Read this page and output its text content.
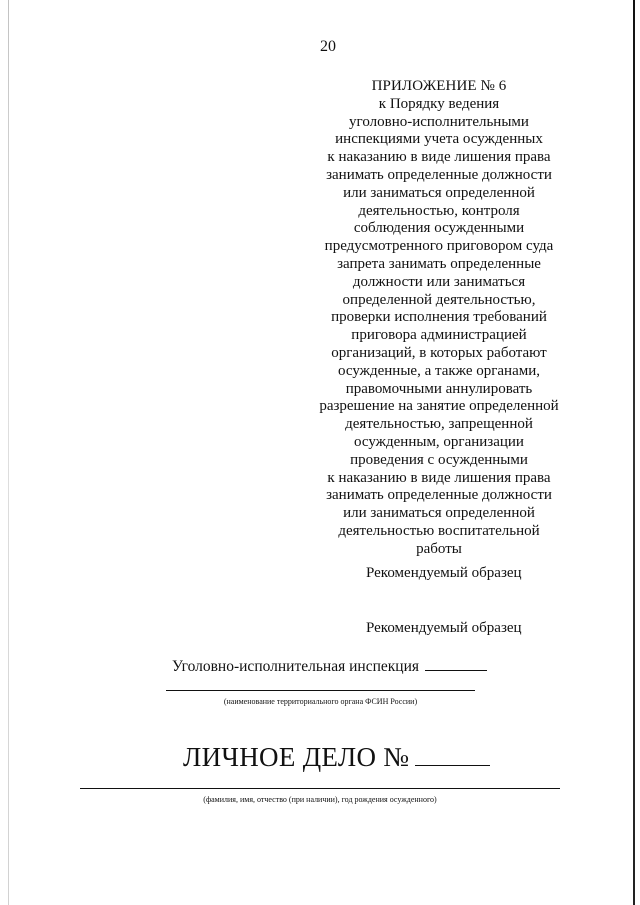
20
ПРИЛОЖЕНИЕ № 6
к Порядку ведения
уголовно-исполнительными
инспекциями учета осужденных
к наказанию в виде лишения права
занимать определенные должности
или заниматься определенной
деятельностью, контроля
соблюдения осужденными
предусмотренного приговором суда
запрета занимать определенные
должности или заниматься
определенной деятельностью,
проверки исполнения требований
приговора администрацией
организаций, в которых работают
осужденные, а также органами,
правомочными аннулировать
разрешение на занятие определенной
деятельностью, запрещенной
осужденным, организации
проведения с осужденными
к наказанию в виде лишения права
занимать определенные должности
или заниматься определенной
деятельностью воспитательной
работы
Рекомендуемый образец
Рекомендуемый образец
Уголовно-исполнительная инспекция
(наименование территориального органа ФСИН России)
ЛИЧНОЕ ДЕЛО №
(фамилия, имя, отчество (при наличии), год рождения осужденного)
